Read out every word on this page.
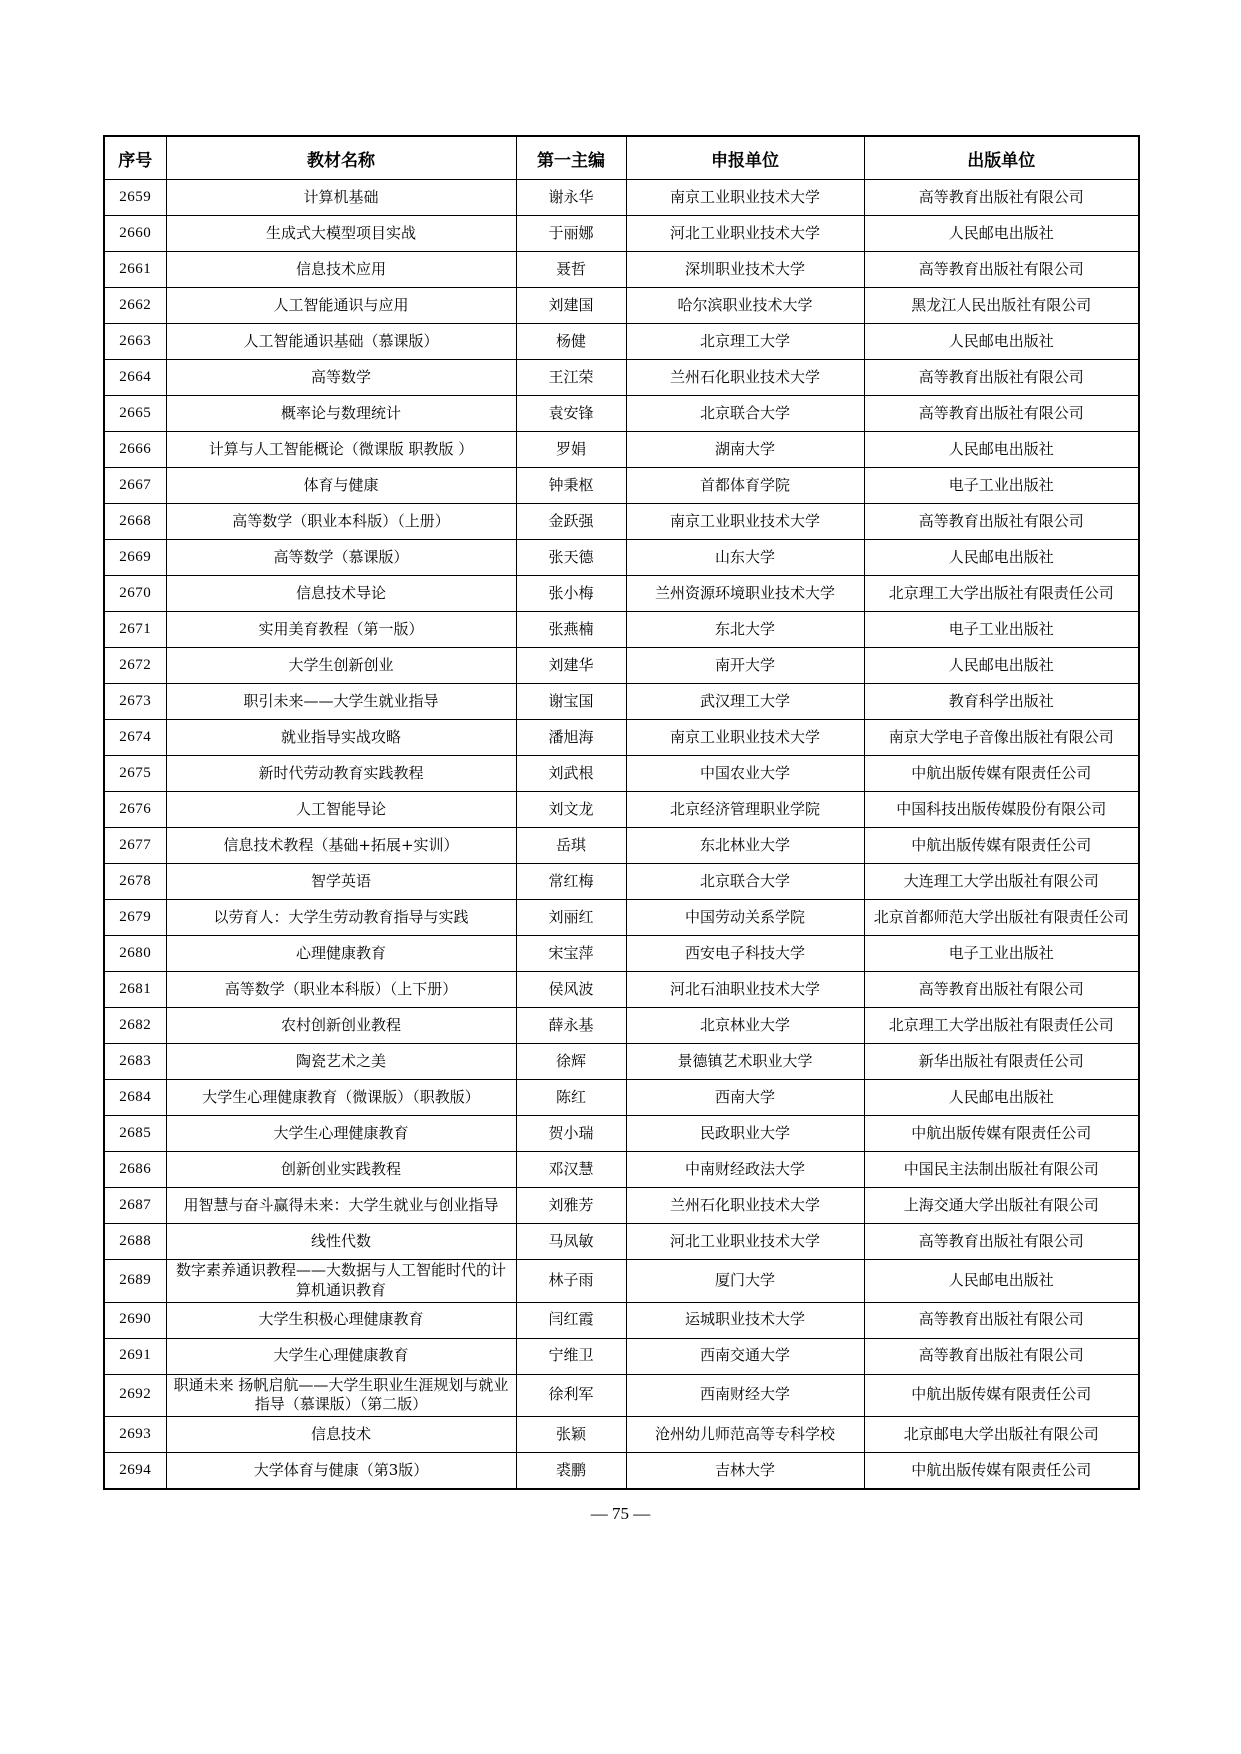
序号	教材名称	第一主编	申报单位	出版单位
2659	计算机基础	谢永华	南京工业职业技术大学	高等教育出版社有限公司
2660	生成式大模型项目实战	于丽娜	河北工业职业技术大学	人民邮电出版社
2661	信息技术应用	聂哲	深圳职业技术大学	高等教育出版社有限公司
2662	人工智能通识与应用	刘建国	哈尔滨职业技术大学	黑龙江人民出版社有限公司
2663	人工智能通识基础（慕课版）	杨健	北京理工大学	人民邮电出版社
2664	高等数学	王江荣	兰州石化职业技术大学	高等教育出版社有限公司
2665	概率论与数理统计	袁安锋	北京联合大学	高等教育出版社有限公司
2666	计算与人工智能概论（微课版 职教版 ）	罗娟	湖南大学	人民邮电出版社
2667	体育与健康	钟秉枢	首都体育学院	电子工业出版社
2668	高等数学（职业本科版）（上册）	金跃强	南京工业职业技术大学	高等教育出版社有限公司
2669	高等数学（慕课版）	张天德	山东大学	人民邮电出版社
2670	信息技术导论	张小梅	兰州资源环境职业技术大学	北京理工大学出版社有限责任公司
2671	实用美育教程（第一版）	张燕楠	东北大学	电子工业出版社
2672	大学生创新创业	刘建华	南开大学	人民邮电出版社
2673	职引未来——大学生就业指导	谢宝国	武汉理工大学	教育科学出版社
2674	就业指导实战攻略	潘旭海	南京工业职业技术大学	南京大学电子音像出版社有限公司
2675	新时代劳动教育实践教程	刘武根	中国农业大学	中航出版传媒有限责任公司
2676	人工智能导论	刘文龙	北京经济管理职业学院	中国科技出版传媒股份有限公司
2677	信息技术教程（基础+拓展+实训）	岳琪	东北林业大学	中航出版传媒有限责任公司
2678	智学英语	常红梅	北京联合大学	大连理工大学出版社有限公司
2679	以劳育人：大学生劳动教育指导与实践	刘丽红	中国劳动关系学院	北京首都师范大学出版社有限责任公司
2680	心理健康教育	宋宝萍	西安电子科技大学	电子工业出版社
2681	高等数学（职业本科版）（上下册）	侯风波	河北石油职业技术大学	高等教育出版社有限公司
2682	农村创新创业教程	薛永基	北京林业大学	北京理工大学出版社有限责任公司
2683	陶瓷艺术之美	徐辉	景德镇艺术职业大学	新华出版社有限责任公司
2684	大学生心理健康教育（微课版）（职教版）	陈红	西南大学	人民邮电出版社
2685	大学生心理健康教育	贺小瑞	民政职业大学	中航出版传媒有限责任公司
2686	创新创业实践教程	邓汉慧	中南财经政法大学	中国民主法制出版社有限公司
2687	用智慧与奋斗赢得未来：大学生就业与创业指导	刘雅芳	兰州石化职业技术大学	上海交通大学出版社有限公司
2688	线性代数	马凤敏	河北工业职业技术大学	高等教育出版社有限公司
2689	数字素养通识教程——大数据与人工智能时代的计算机通识教育	林子雨	厦门大学	人民邮电出版社
2690	大学生积极心理健康教育	闫红霞	运城职业技术大学	高等教育出版社有限公司
2691	大学生心理健康教育	宁维卫	西南交通大学	高等教育出版社有限公司
2692	职通未来 扬帆启航——大学生职业生涯规划与就业指导（慕课版）（第二版）	徐利军	西南财经大学	中航出版传媒有限责任公司
2693	信息技术	张颖	沧州幼儿师范高等专科学校	北京邮电大学出版社有限公司
2694	大学体育与健康（第3版）	裘鹏	吉林大学	中航出版传媒有限责任公司
— 75 —
